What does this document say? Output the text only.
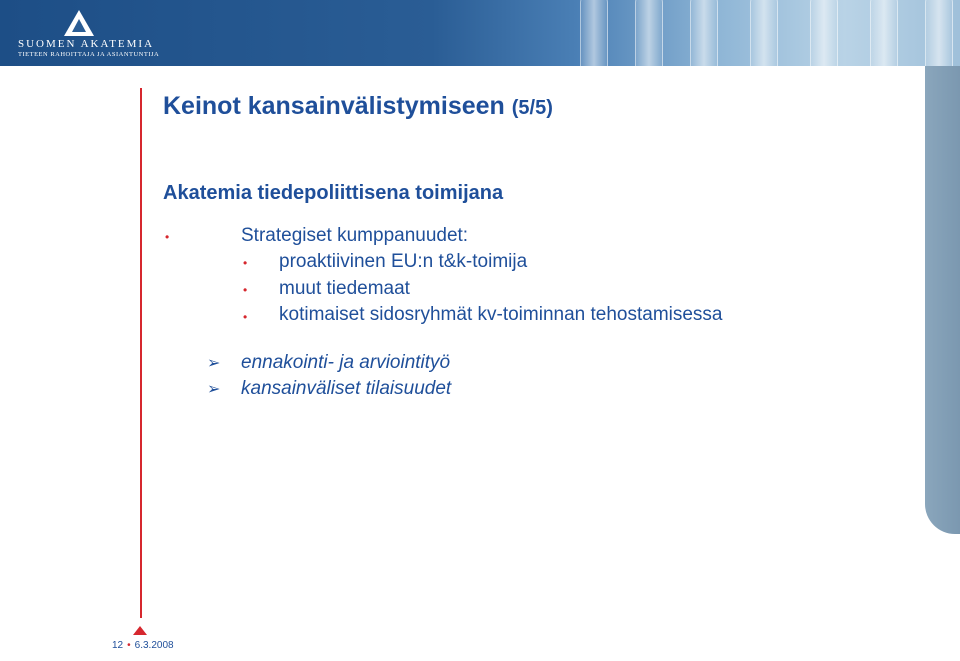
SUOMEN AKATEMIA
TIETEEN RAHOITTAJA JA ASIANTUNTIJA
Keinot kansainvälistymiseen (5/5)
Akatemia tiedepoliittisena toimijana
•	Strategiset kumppanuudet:
• proaktiivinen EU:n t&k-toimija
• muut tiedemaat
• kotimaiset sidosryhmät kv-toiminnan tehostamisessa
➢ ennakointi- ja arviointityö
➢ kansainväliset tilaisuudet
12 • 6.3.2008
